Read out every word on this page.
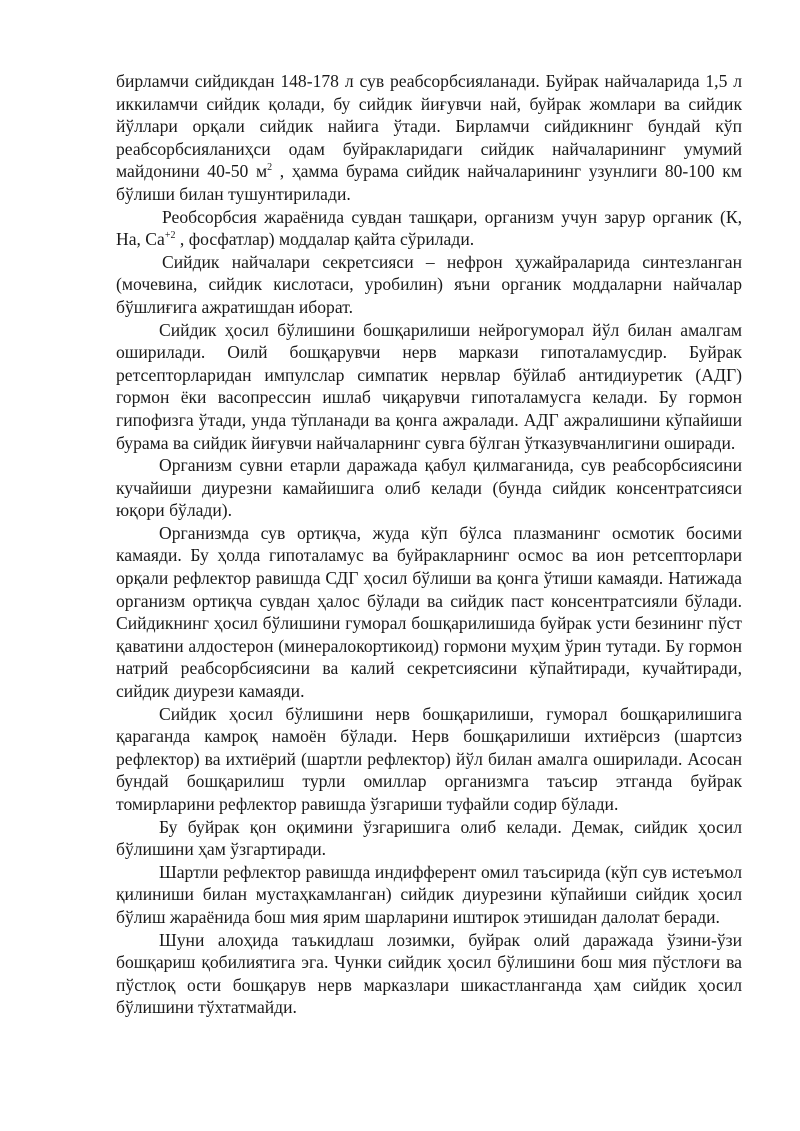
бирламчи сийдикдан 148-178 л сув реабсорбсияланади. Буйрак найчаларида 1,5 л иккиламчи сийдик қолади, бу сийдик йиғувчи най, буйрак жомлари ва сийдик йўллари орқали сийдик найига ўтади. Бирламчи сийдикнинг бундай кўп реабсорбсияланиҳси одам буйракларидаги сийдик найчаларининг умумий майдонини 40-50 $м^2$ , ҳамма бурама сийдик найчаларининг узунлиги 80-100 км бўлиши билан тушунтирилади.

Реобсорбсия жараёнида сувдан ташқари, организм учун зарур органик (К, На, $Са^{+2}$ , фосфатлар) моддалар қайта сўрилади.

Сийдик найчалари секретсияси – нефрон ҳужайраларида синтезланган (мочевина, сийдик кислотаси, уробилин) яъни органик моддаларни найчалар бўшлиғига ажратишдан иборат.

Сийдик ҳосил бўлишини бошқарилиши нейрогуморал йўл билан амалгам оширилади. Оилй бошқарувчи нерв маркази гипоталамусдир. Буйрак ретсепторларидан импулслар симпатик нервлар бўйлаб антидиуретик (АДГ) гормон ёки васопрессин ишлаб чиқарувчи гипоталамусга келади. Бу гормон гипофизга ўтади, унда тўпланади ва қонга ажралади. АДГ ажралишини кўпайиши бурама ва сийдик йиғувчи найчаларнинг сувга бўлган ўтказувчанлигини оширади.

Организм сувни етарли даражада қабул қилмаганида, сув реабсорбсиясини кучайиши диурезни камайишига олиб келади (бунда сийдик консентратсияси юқори бўлади).

Организмда сув ортиқча, жуда кўп бўлса плазманинг осмотик босими камаяди. Бу ҳолда гипоталамус ва буйракларнинг осмос ва ион ретсепторлари орқали рефлектор равишда СДГ ҳосил бўлиши ва қонга ўтиши камаяди. Натижада организм ортиқча сувдан ҳалос бўлади ва сийдик паст консентратсияли бўлади. Сийдикнинг ҳосил бўлишини гуморал бошқарилишида буйрак усти безининг пўст қаватини алдостерон (минералокортикоид) гормони муҳим ўрин тутади. Бу гормон натрий реабсорбсиясини ва калий секретсиясини кўпайтиради, кучайтиради, сийдик диурези камаяди.

Сийдик ҳосил бўлишини нерв бошқарилиши, гуморал бошқарилишига қараганда камроқ намоён бўлади. Нерв бошқарилиши ихтиёрсиз (шартсиз рефлектор) ва ихтиёрий (шартли рефлектор) йўл билан амалга оширилади. Асосан бундай бошқарилиш турли омиллар организмга таъсир этганда буйрак томирларини рефлектор равишда ўзгариши туфайли содир бўлади.

Бу буйрак қон оқимини ўзгаришига олиб келади. Демак, сийдик ҳосил бўлишини ҳам ўзгартиради.

Шартли рефлектор равишда индифферент омил таъсирида (кўп сув истеъмол қилиниши билан мустаҳкамланган) сийдик диурезини кўпайиши сийдик ҳосил бўлиш жараёнида бош мия ярим шарларини иштирок этишидан далолат беради.

Шуни алоҳида таъкидлаш лозимки, буйрак олий даражада ўзини-ўзи бошқариш қобилиятига эга. Чунки сийдик ҳосил бўлишини бош мия пўстлоғи ва пўстлоқ ости бошқарув нерв марказлари шикастланганда ҳам сийдик ҳосил бўлишини тўхтатмайди.
